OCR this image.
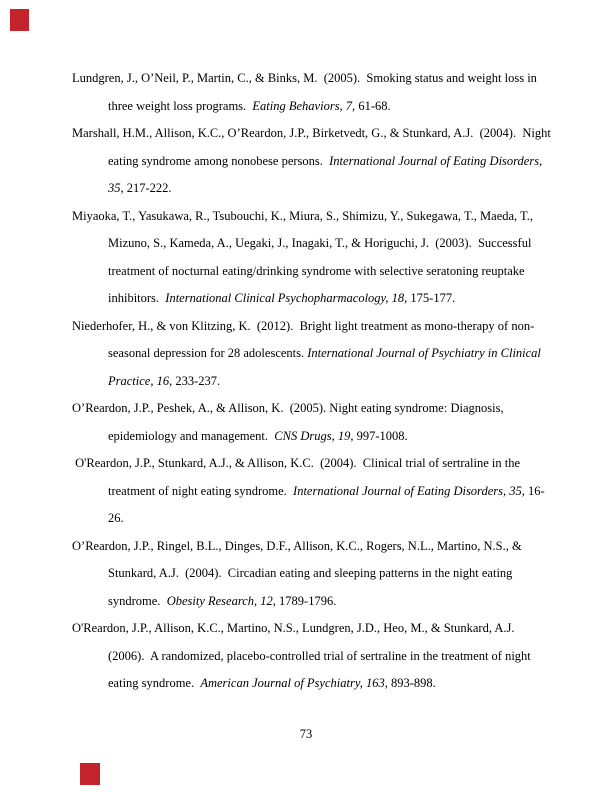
Lundgren, J., O’Neil, P., Martin, C., & Binks, M.  (2005).  Smoking status and weight loss in
three weight loss programs.  Eating Behaviors, 7, 61-68.
Marshall, H.M., Allison, K.C., O’Reardon, J.P., Birketvedt, G., & Stunkard, A.J.  (2004).  Night
eating syndrome among nonobese persons.  International Journal of Eating Disorders,
35, 217-222.
Miyaoka, T., Yasukawa, R., Tsubouchi, K., Miura, S., Shimizu, Y., Sukegawa, T., Maeda, T.,
Mizuno, S., Kameda, A., Uegaki, J., Inagaki, T., & Horiguchi, J.  (2003).  Successful
treatment of nocturnal eating/drinking syndrome with selective seratoning reuptake
inhibitors.  International Clinical Psychopharmacology, 18, 175-177.
Niederhofer, H., & von Klitzing, K.  (2012).  Bright light treatment as mono-therapy of non-
seasonal depression for 28 adolescents. International Journal of Psychiatry in Clinical
Practice, 16, 233-237.
O’Reardon, J.P., Peshek, A., & Allison, K.  (2005). Night eating syndrome: Diagnosis,
epidemiology and management.  CNS Drugs, 19, 997-1008.
O'Reardon, J.P., Stunkard, A.J., & Allison, K.C.  (2004).  Clinical trial of sertraline in the
treatment of night eating syndrome.  International Journal of Eating Disorders, 35, 16-
26.
O’Reardon, J.P., Ringel, B.L., Dinges, D.F., Allison, K.C., Rogers, N.L., Martino, N.S., &
Stunkard, A.J.  (2004).  Circadian eating and sleeping patterns in the night eating
syndrome.  Obesity Research, 12, 1789-1796.
O'Reardon, J.P., Allison, K.C., Martino, N.S., Lundgren, J.D., Heo, M., & Stunkard, A.J.
(2006).  A randomized, placebo-controlled trial of sertraline in the treatment of night
eating syndrome.  American Journal of Psychiatry, 163, 893-898.
73
